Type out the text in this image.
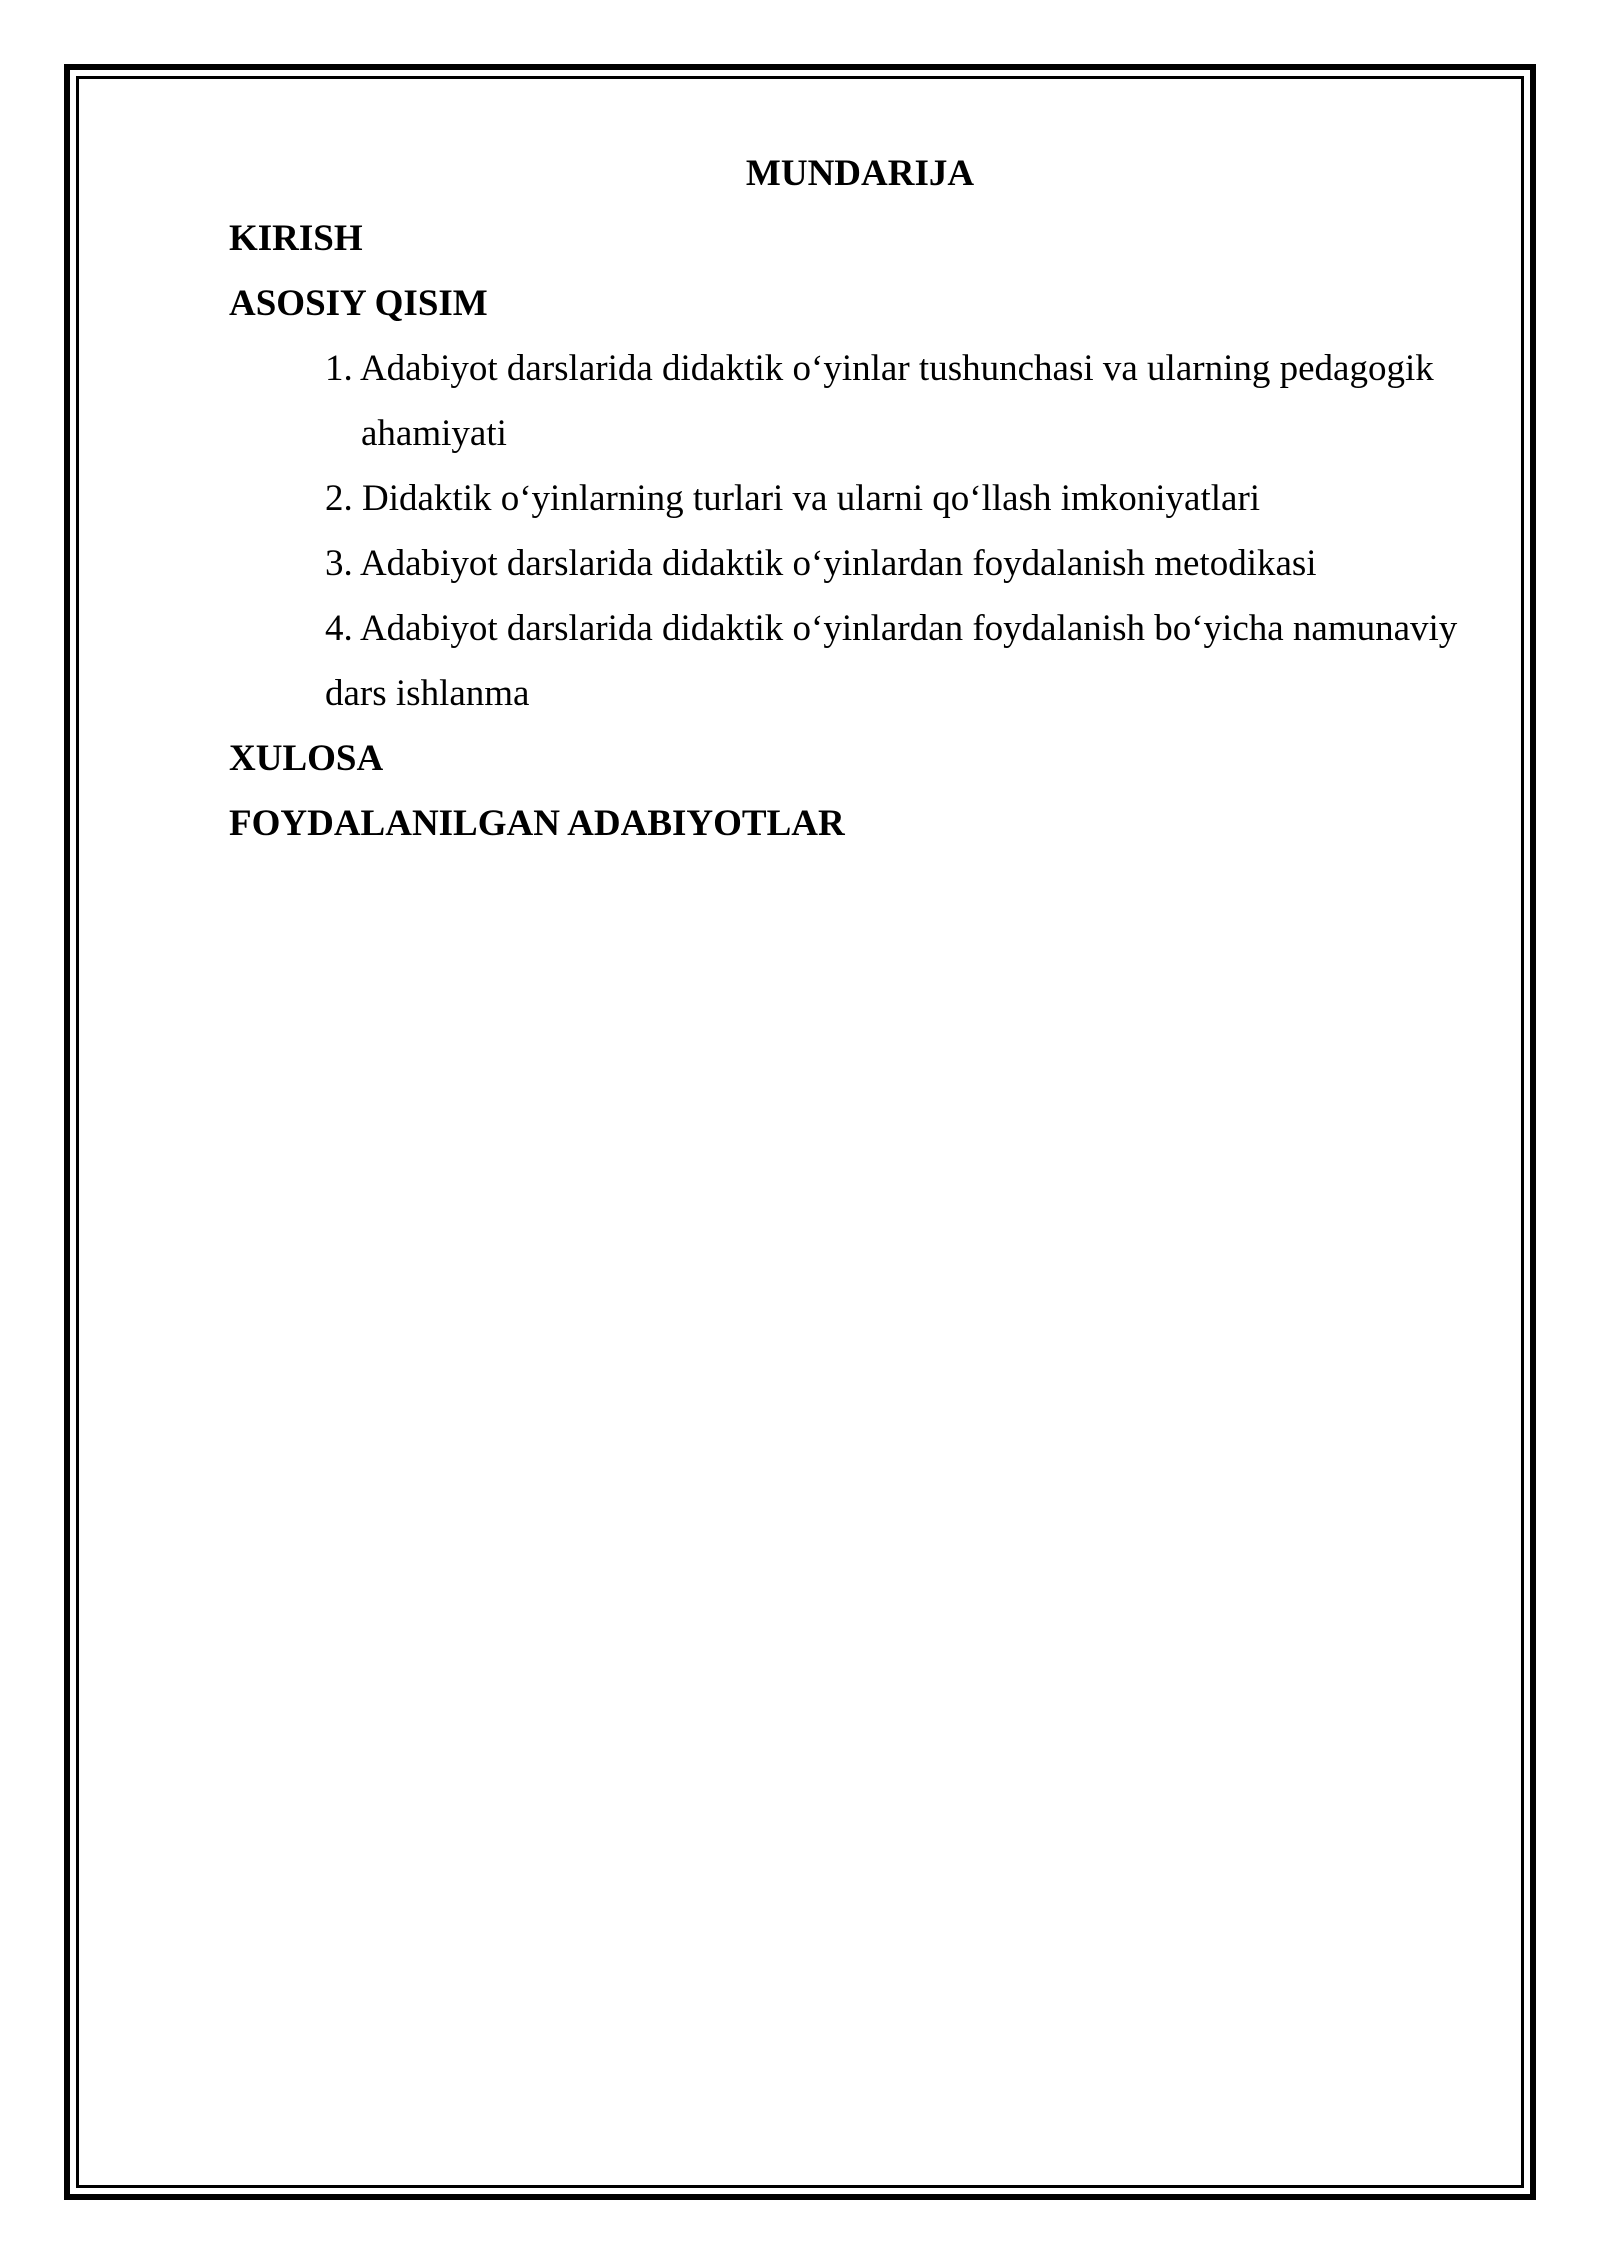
MUNDARIJA
KIRISH
ASOSIY QISIM
1. Adabiyot darslarida didaktik o‘yinlar tushunchasi va ularning pedagogik
ahamiyati
2. Didaktik o‘yinlarning turlari va ularni qo‘llash imkoniyatlari
3. Adabiyot darslarida didaktik o‘yinlardan foydalanish metodikasi
4. Adabiyot darslarida didaktik o‘yinlardan foydalanish bo‘yicha namunaviy
dars ishlanma
XULOSA
FOYDALANILGAN ADABIYOTLAR
